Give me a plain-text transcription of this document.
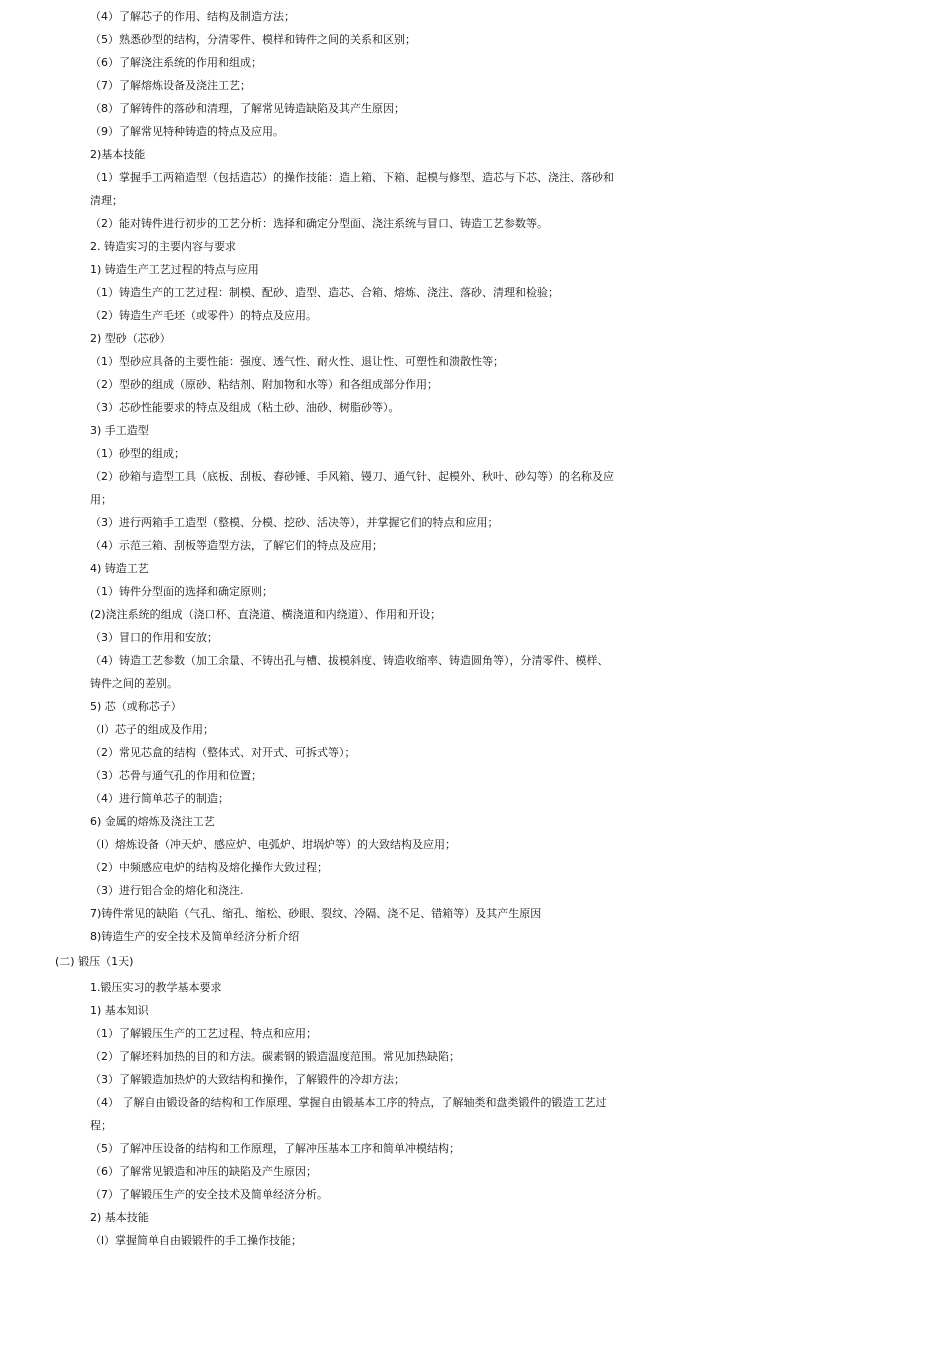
（4）了解芯子的作用、结构及制造方法；
（5）熟悉砂型的结构，分清零件、模样和铸件之间的关系和区别；
（6）了解浇注系统的作用和组成；
（7）了解熔炼设备及浇注工艺；
（8）了解铸件的落砂和清理，了解常见铸造缺陷及其产生原因；
（9）了解常见特种铸造的特点及应用。
2)基本技能
（1）掌握手工两箱造型（包括造芯）的操作技能：造上箱、下箱、起模与修型、造芯与下芯、浇注、落砂和
清理；
（2）能对铸件进行初步的工艺分析：选择和确定分型面、浇注系统与冒口、铸造工艺参数等。
2. 铸造实习的主要内容与要求
1) 铸造生产工艺过程的特点与应用
（1）铸造生产的工艺过程：制模、配砂、造型、造芯、合箱、熔炼、浇注、落砂、清理和检验；
（2）铸造生产毛坯（或零件）的特点及应用。
2) 型砂（芯砂）
（1）型砂应具备的主要性能：强度、透气性、耐火性、退让性、可塑性和溃散性等；
（2）型砂的组成（原砂、粘结剂、附加物和水等）和各组成部分作用；
（3）芯砂性能要求的特点及组成（粘土砂、油砂、树脂砂等）。
3) 手工造型
（1）砂型的组成；
（2）砂箱与造型工具（底板、刮板、舂砂锤、手风箱、镘刀、通气针、起模外、秋叶、砂勾等）的名称及应
用；
（3）进行两箱手工造型（整模、分模、挖砂、活决等），并掌握它们的特点和应用；
（4）示范三箱、刮板等造型方法，了解它们的特点及应用；
4) 铸造工艺
（1）铸件分型面的选择和确定原则；
(2)浇注系统的组成（浇口杯、直浇道、横浇道和内绕道）、作用和开设；
（3）冒口的作用和安放；
（4）铸造工艺参数（加工余量、不铸出孔与槽、拔模斜度、铸造收缩率、铸造圆角等），分清零件、模样、
铸件之间的差别。
5) 芯（或称芯子）
（l）芯子的组成及作用；
（2）常见芯盒的结构（整体式、对开式、可拆式等）；
（3）芯骨与通气孔的作用和位置；
（4）进行简单芯子的制造；
6) 金属的熔炼及浇注工艺
（l）熔炼设备（冲天炉、感应炉、电弧炉、坩埚炉等）的大致结构及应用；
（2）中频感应电炉的结构及熔化操作大致过程；
（3）进行铝合金的熔化和浇注.
7)铸件常见的缺陷（气孔、缩孔、缩松、砂眼、裂纹、冷隔、浇不足、错箱等）及其产生原因
8)铸造生产的安全技术及简单经济分析介绍
(二) 锻压（1天)
1.锻压实习的教学基本要求
1) 基本知识
（1）了解锻压生产的工艺过程、特点和应用；
（2）了解坯料加热的目的和方法。碳素钢的锻造温度范围。常见加热缺陷；
（3）了解锻造加热炉的大致结构和操作，了解锻件的冷却方法；
（4） 了解自由锻设备的结构和工作原理、掌握自由锻基本工序的特点，了解轴类和盘类锻件的锻造工艺过
程；
（5）了解冲压设备的结构和工作原理，了解冲压基本工序和简单冲模结构；
（6）了解常见锻造和冲压的缺陷及产生原因；
（7）了解锻压生产的安全技术及简单经济分析。
2) 基本技能
（l）掌握简单自由锻锻件的手工操作技能；
